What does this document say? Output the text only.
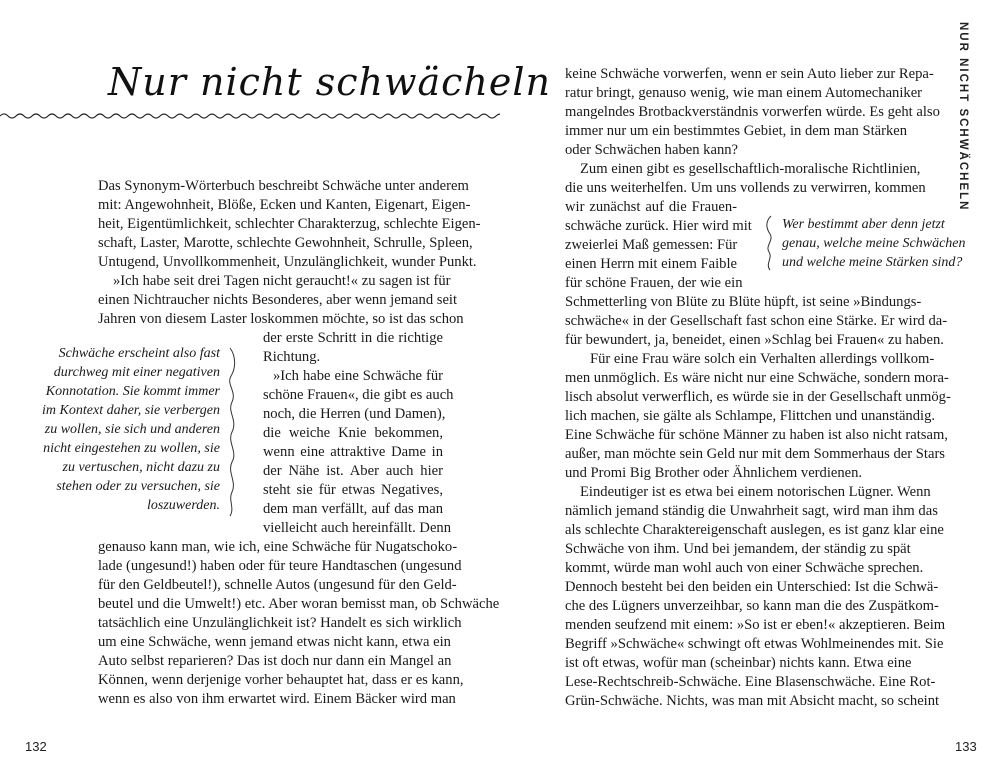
Nur nicht schwächeln
Das Synonym-Wörterbuch beschreibt Schwäche unter anderem
mit: Angewohnheit, Blöße, Ecken und Kanten, Eigenart, Eigen-
heit, Eigentümlichkeit, schlechter Charakterzug, schlechte Eigen-
schaft, Laster, Marotte, schlechte Gewohnheit, Schrulle, Spleen,
Untugend, Unvollkommenheit, Unzulänglichkeit, wunder Punkt.
»Ich habe seit drei Tagen nicht geraucht!« zu sagen ist für
einen Nichtraucher nichts Besonderes, aber wenn jemand seit
Jahren von diesem Laster loskommen möchte, so ist das schon
der erste Schritt in die richtige
Richtung.
»Ich habe eine Schwäche für
schöne Frauen«, die gibt es auch
noch, die Herren (und Damen),
die weiche Knie bekommen,
wenn eine attraktive Dame in
der Nähe ist. Aber auch hier
steht sie für etwas Negatives,
dem man verfällt, auf das man
vielleicht auch hereinfällt. Denn
genauso kann man, wie ich, eine Schwäche für Nugatschoko-
lade (ungesund!) haben oder für teure Handtaschen (ungesund
für den Geldbeutel!), schnelle Autos (ungesund für den Geld-
beutel und die Umwelt!) etc. Aber woran bemisst man, ob Schwäche
tatsächlich eine Unzulänglichkeit ist? Handelt es sich wirklich
um eine Schwäche, wenn jemand etwas nicht kann, etwa ein
Auto selbst reparieren? Das ist doch nur dann ein Mangel an
Können, wenn derjenige vorher behauptet hat, dass er es kann,
wenn es also von ihm erwartet wird. Einem Bäcker wird man
Schwäche erscheint also fast
durchweg mit einer negativen
Konnotation. Sie kommt immer
im Kontext daher, sie verbergen
zu wollen, sie sich und anderen
nicht eingestehen zu wollen, sie
zu vertuschen, nicht dazu zu
stehen oder zu versuchen, sie
loszuwerden.
132
keine Schwäche vorwerfen, wenn er sein Auto lieber zur Repa-
ratur bringt, genauso wenig, wie man einem Automechaniker
mangelndes Brotbackverständnis vorwerfen würde. Es geht also
immer nur um ein bestimmtes Gebiet, in dem man Stärken
oder Schwächen haben kann?
Zum einen gibt es gesellschaftlich-moralische Richtlinien,
die uns weiterhelfen. Um uns vollends zu verwirren, kommen
wir zunächst auf die Frauen-
schwäche zurück. Hier wird mit
zweierlei Maß gemessen: Für
einen Herrn mit einem Faible
für schöne Frauen, der wie ein
Schmetterling von Blüte zu Blüte hüpft, ist seine »Bindungs-
schwäche« in der Gesellschaft fast schon eine Stärke. Er wird da-
für bewundert, ja, beneidet, einen »Schlag bei Frauen« zu haben.
Für eine Frau wäre solch ein Verhalten allerdings vollkom-
men unmöglich. Es wäre nicht nur eine Schwäche, sondern mora-
lisch absolut verwerflich, es würde sie in der Gesellschaft unmög-
lich machen, sie gälte als Schlampe, Flittchen und unanständig.
Eine Schwäche für schöne Männer zu haben ist also nicht ratsam,
außer, man möchte sein Geld nur mit dem Sommerhaus der Stars
und Promi Big Brother oder Ähnlichem verdienen.
Eindeutiger ist es etwa bei einem notorischen Lügner. Wenn
nämlich jemand ständig die Unwahrheit sagt, wird man ihm das
als schlechte Charaktereigenschaft auslegen, es ist ganz klar eine
Schwäche von ihm. Und bei jemandem, der ständig zu spät
kommt, würde man wohl auch von einer Schwäche sprechen.
Dennoch besteht bei den beiden ein Unterschied: Ist die Schwä-
che des Lügners unverzeihbar, so kann man die des Zuspätkom-
menden seufzend mit einem: »So ist er eben!« akzeptieren. Beim
Begriff »Schwäche« schwingt oft etwas Wohlmeinendes mit. Sie
ist oft etwas, wofür man (scheinbar) nichts kann. Etwa eine
Lese-Rechtschreib-Schwäche. Eine Blasenschwäche. Eine Rot-
Grün-Schwäche. Nichts, was man mit Absicht macht, so scheint
Wer bestimmt aber denn jetzt
genau, welche meine Schwächen
und welche meine Stärken sind?
133
NUR NICHT SCHWÄCHELN
